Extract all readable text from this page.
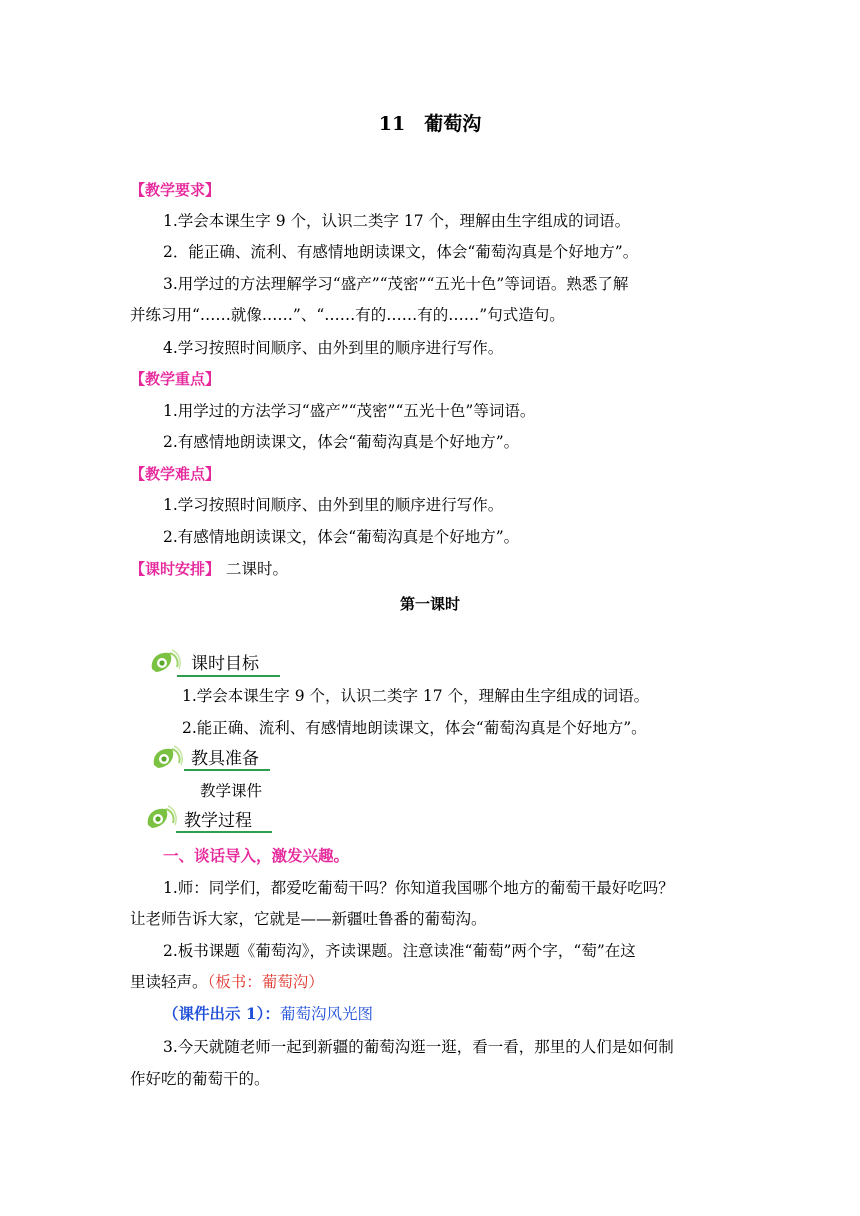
11　葡萄沟
【教学要求】
1.学会本课生字 9 个，认识二类字 17 个，理解由生字组成的词语。
2．能正确、流利、有感情地朗读课文，体会“葡萄沟真是个好地方”。
3.用学过的方法理解学习“盛产”“茂密”“五光十色”等词语。熟悉了解
并练习用“……就像……”、“……有的……有的……”句式造句。
4.学习按照时间顺序、由外到里的顺序进行写作。
【教学重点】
1.用学过的方法学习“盛产”“茂密”“五光十色”等词语。
2.有感情地朗读课文，体会“葡萄沟真是个好地方”。
【教学难点】
1.学习按照时间顺序、由外到里的顺序进行写作。
2.有感情地朗读课文，体会“葡萄沟真是个好地方”。
【课时安排】 二课时。
第一课时
课时目标
1.学会本课生字 9 个，认识二类字 17 个，理解由生字组成的词语。
2.能正确、流利、有感情地朗读课文，体会“葡萄沟真是个好地方”。
教具准备
教学课件
教学过程
一、谈话导入，激发兴趣。
1.师：同学们，都爱吃葡萄干吗？你知道我国哪个地方的葡萄干最好吃吗？
让老师告诉大家，它就是——新疆吐鲁番的葡萄沟。
2.板书课题《葡萄沟》，齐读课题。注意读准“葡萄”两个字，“萄”在这
里读轻声。（板书：葡萄沟）
（课件出示 1）：葡萄沟风光图
3.今天就随老师一起到新疆的葡萄沟逛一逛，看一看，那里的人们是如何制
作好吃的葡萄干的。
